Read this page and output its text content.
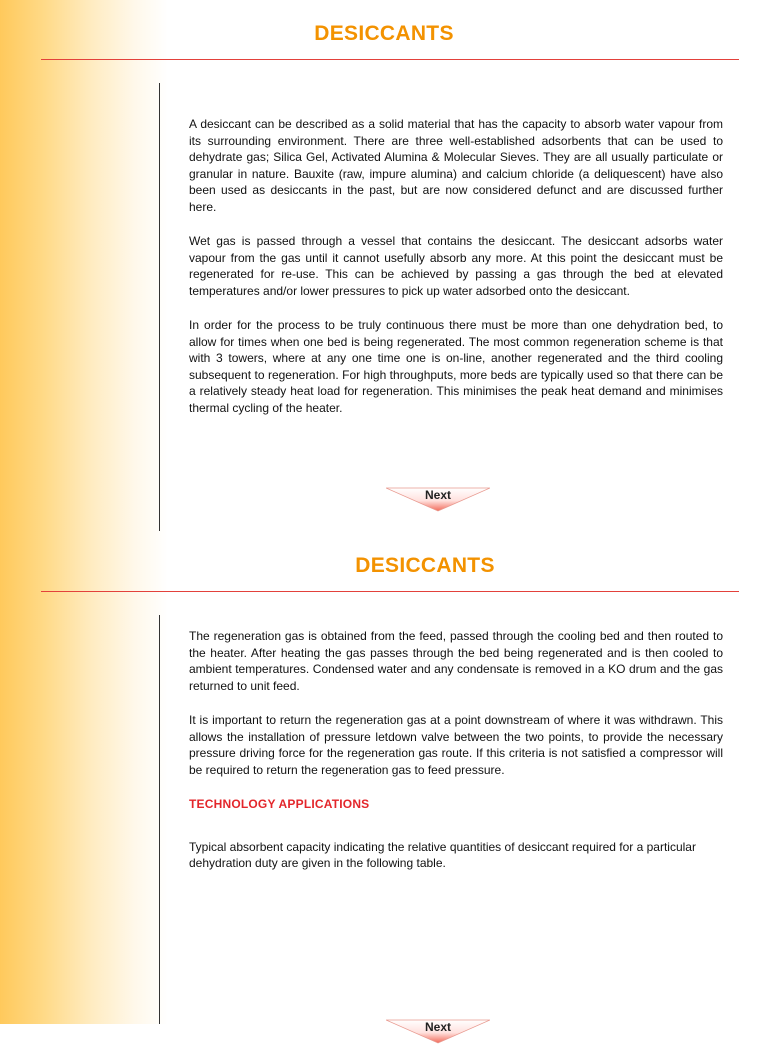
DESICCANTS

A desiccant can be described as a solid material that has the capacity to absorb water vapour from its surrounding environment. There are three well-established adsorbents that can be used to dehydrate gas; Silica Gel, Activated Alumina & Molecular Sieves. They are all usually particulate or granular in nature. Bauxite (raw, impure alumina) and calcium chloride (a deliquescent) have also been used as desiccants in the past, but are now considered defunct and are discussed further here.

Wet gas is passed through a vessel that contains the desiccant. The desiccant adsorbs water vapour from the gas until it cannot usefully absorb any more. At this point the desiccant must be regenerated for re-use. This can be achieved by passing a gas through the bed at elevated temperatures and/or lower pressures to pick up water adsorbed onto the desiccant.

In order for the process to be truly continuous there must be more than one dehydration bed, to allow for times when one bed is being regenerated. The most common regeneration scheme is that with 3 towers, where at any one time one is on-line, another regenerated and the third cooling subsequent to regeneration. For high throughputs, more beds are typically used so that there can be a relatively steady heat load for regeneration. This minimises the peak heat demand and minimises thermal cycling of the heater.

Next
DESICCANTS

The regeneration gas is obtained from the feed, passed through the cooling bed and then routed to the heater. After heating the gas passes through the bed being regenerated and is then cooled to ambient temperatures. Condensed water and any condensate is removed in a KO drum and the gas returned to unit feed.

It is important to return the regeneration gas at a point downstream of where it was withdrawn. This allows the installation of pressure letdown valve between the two points, to provide the necessary pressure driving force for the regeneration gas route. If this criteria is not satisfied a compressor will be required to return the regeneration gas to feed pressure.

TECHNOLOGY APPLICATIONS

Typical absorbent capacity indicating the relative quantities of desiccant required for a particular dehydration duty are given in the following table.

Next
